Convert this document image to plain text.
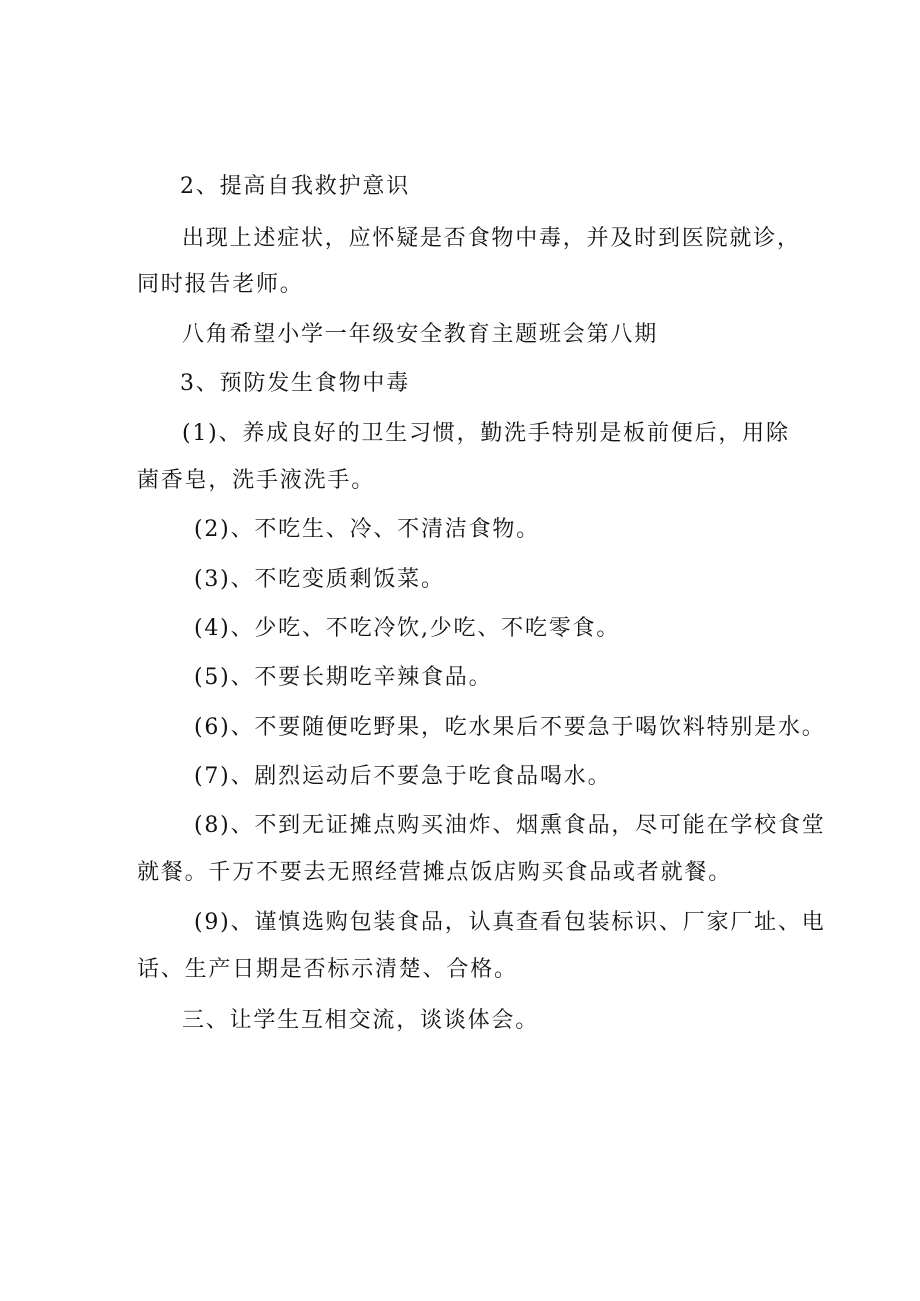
2、提高自我救护意识
出现上述症状，应怀疑是否食物中毒，并及时到医院就诊，
同时报告老师。
八角希望小学一年级安全教育主题班会第八期
3、预防发生食物中毒
(1)、养成良好的卫生习惯，勤洗手特别是板前便后，用除
菌香皂，洗手液洗手。
(2)、不吃生、冷、不清洁食物。
(3)、不吃变质剩饭菜。
(4)、少吃、不吃冷饮,少吃、不吃零食。
(5)、不要长期吃辛辣食品。
(6)、不要随便吃野果，吃水果后不要急于喝饮料特别是水。
(7)、剧烈运动后不要急于吃食品喝水。
(8)、不到无证摊点购买油炸、烟熏食品，尽可能在学校食堂
就餐。千万不要去无照经营摊点饭店购买食品或者就餐。
(9)、谨慎选购包装食品，认真查看包装标识、厂家厂址、电
话、生产日期是否标示清楚、合格。
三、让学生互相交流，谈谈体会。
